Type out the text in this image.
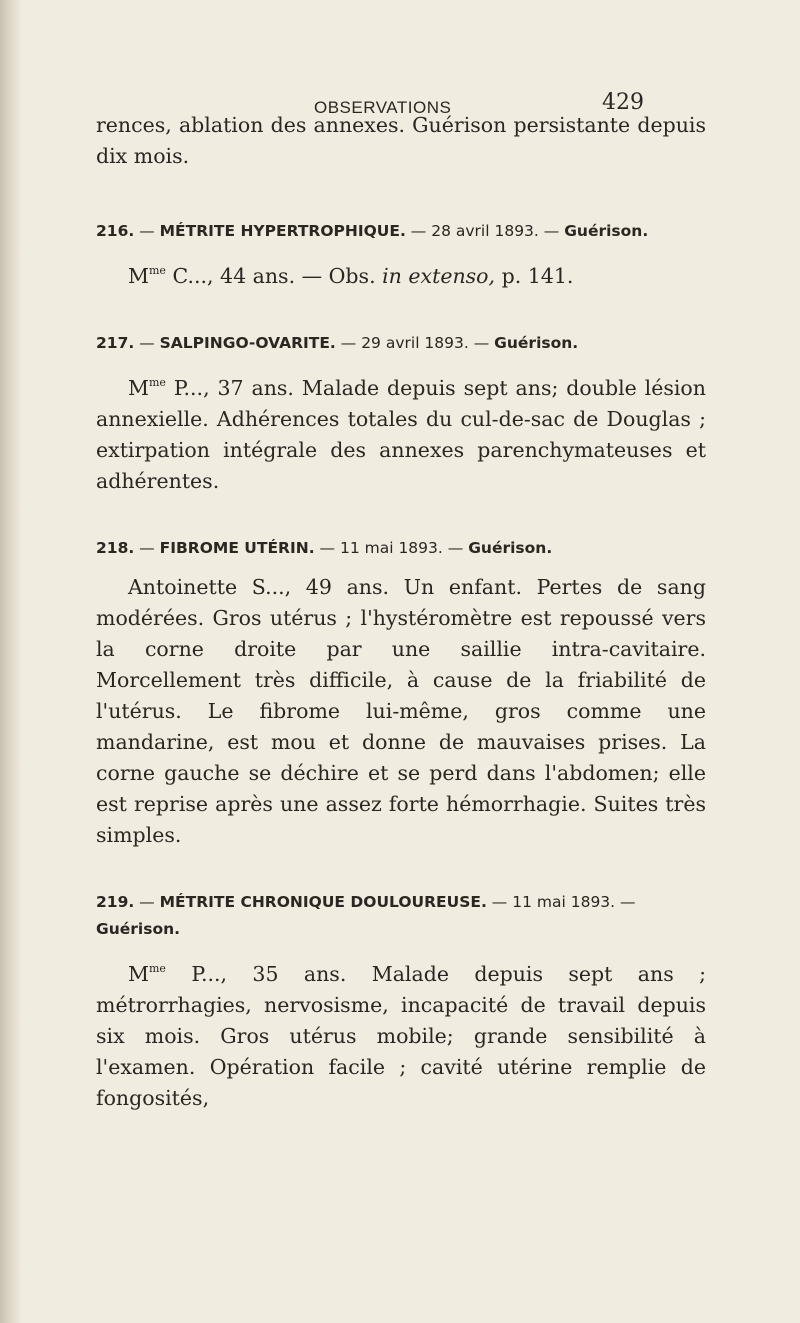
OBSERVATIONS	429

rences, ablation des annexes. Guérison persistante depuis dix mois.

216. — MÉTRITE HYPERTROPHIQUE. — 28 avril 1893. — Guérison.

$M^{me}$ C..., 44 ans. — Obs. in extenso, p. 141.

217. — SALPINGO-OVARITE. — 29 avril 1893. — Guérison.

$M^{me}$ P..., 37 ans. Malade depuis sept ans; double lésion annexielle. Adhérences totales du cul-de-sac de Douglas ; extirpation intégrale des annexes parenchymateuses et adhérentes.

218. — FIBROME UTÉRIN. — 11 mai 1893. — Guérison.

Antoinette S..., 49 ans. Un enfant. Pertes de sang modérées. Gros utérus ; l'hystéromètre est repoussé vers la corne droite par une saillie intra-cavitaire. Morcellement très difficile, à cause de la friabilité de l'utérus. Le fibrome lui-même, gros comme une mandarine, est mou et donne de mauvaises prises. La corne gauche se déchire et se perd dans l'abdomen; elle est reprise après une assez forte hémorrhagie. Suites très simples.

219. — MÉTRITE CHRONIQUE DOULOUREUSE. — 11 mai 1893. — Guérison.

$M^{me}$ P..., 35 ans. Malade depuis sept ans ; métrorrhagies, nervosisme, incapacité de travail depuis six mois. Gros utérus mobile; grande sensibilité à l'examen. Opération facile ; cavité utérine remplie de fongosités,
